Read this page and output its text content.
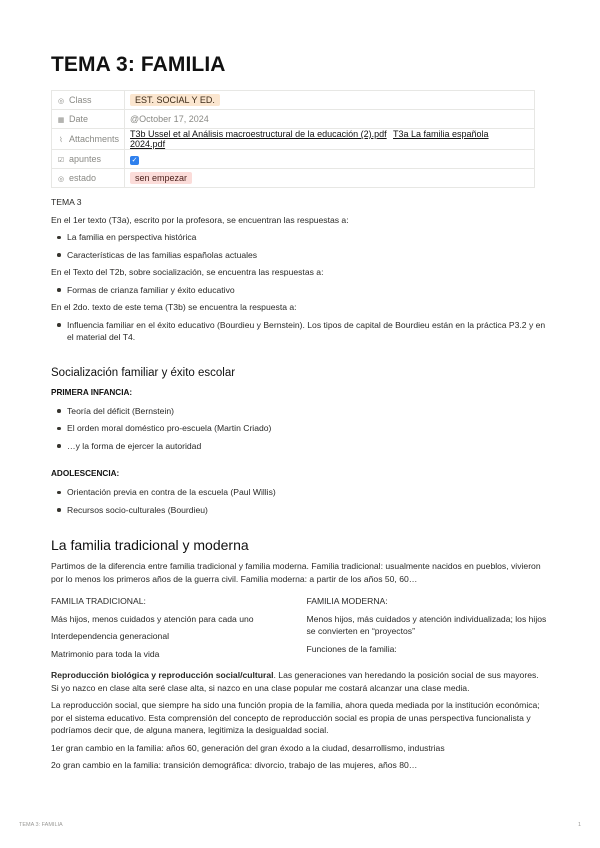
TEMA 3: FAMILIA
◎ Class	EST. SOCIAL Y ED.
▦ Date	@October 17, 2024
⌇ Attachments	T3b Ussel et al Análisis macroestructural de la educación (2).pdf T3a La familia española 2024.pdf
☑ apuntes	✓
◎ estado	sen empezar

TEMA 3

En el 1er texto (T3a), escrito por la profesora, se encuentran las respuestas a:

La familia en perspectiva histórica
Características de las familias españolas actuales

En el Texto del T2b, sobre socialización, se encuentra las respuestas a:

Formas de crianza familiar y éxito educativo

En el 2do. texto de este tema (T3b) se encuentra la respuesta a:

Influencia familiar en el éxito educativo (Bourdieu y Bernstein). Los tipos de capital de Bourdieu están en la práctica P3.2 y en el material del T4.
Socialización familiar y éxito escolar

PRIMERA INFANCIA:

Teoría del déficit (Bernstein)
El orden moral doméstico pro-escuela (Martin Criado)
…y la forma de ejercer la autoridad

ADOLESCENCIA:

Orientación previa en contra de la escuela (Paul Willis)
Recursos socio-culturales (Bourdieu)
La familia tradicional y moderna

Partimos de la diferencia entre familia tradicional y familia moderna. Familia tradicional: usualmente nacidos en pueblos, vivieron por lo menos los primeros años de la guerra civil. Familia moderna: a partir de los años 50, 60…

FAMILIA TRADICIONAL:

Más hijos, menos cuidados y atención para cada uno

Interdependencia generacional

Matrimonio para toda la vida

FAMILIA MODERNA:

Menos hijos, más cuidados y atención individualizada; los hijos se convierten en “proyectos”

Funciones de la familia:

Reproducción biológica y reproducción social/cultural. Las generaciones van heredando la posición social de sus mayores. Si yo nazco en clase alta seré clase alta, si nazco en una clase popular me costará alcanzar una clase media.

La reproducción social, que siempre ha sido una función propia de la familia, ahora queda mediada por la institución económica; por el sistema educativo. Esta comprensión del concepto de reproducción social es propia de unas perspectiva funcionalista y podríamos decir que, de alguna manera, legitimiza la desigualdad social.

1er gran cambio en la familia: años 60, generación del gran éxodo a la ciudad, desarrollismo, industrias

2o gran cambio en la familia: transición demográfica: divorcio, trabajo de las mujeres, años 80…

TEMA 3: FAMILIA	1
